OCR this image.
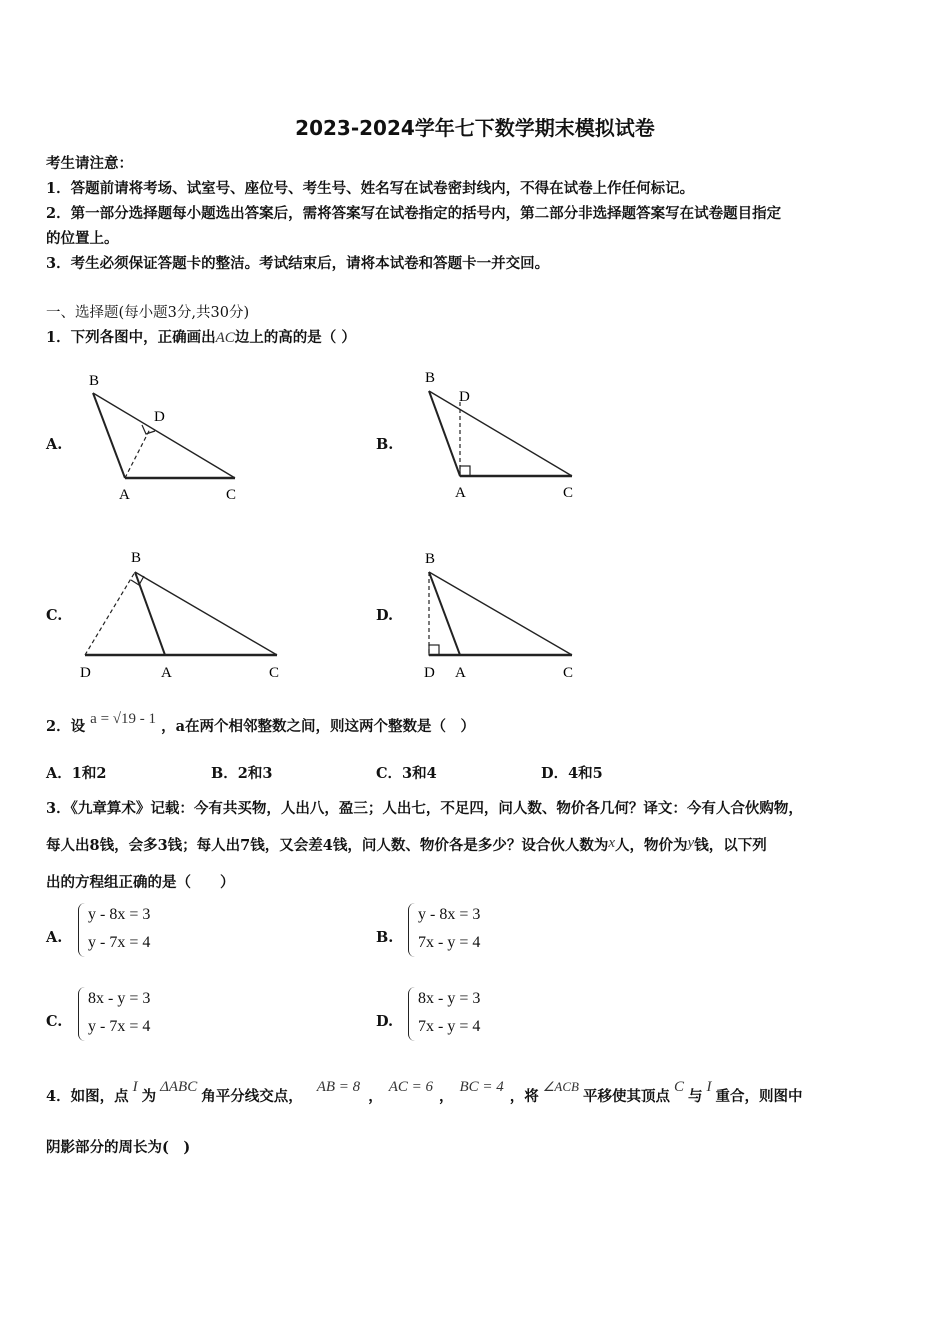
2023-2024学年七下数学期末模拟试卷
考生请注意：
1．答题前请将考场、试室号、座位号、考生号、姓名写在试卷密封线内，不得在试卷上作任何标记。
2．第一部分选择题每小题选出答案后，需将答案写在试卷指定的括号内，第二部分非选择题答案写在试卷题目指定
的位置上。
3．考生必须保证答题卡的整洁。考试结束后，请将本试卷和答题卡一并交回。
一、选择题(每小题3分,共30分)
1．下列各图中，正确画出AC边上的高的是（ ）
A.
B
D
A	C
B.
B
D
A	C
C.
B
D	A	C
D.
B
D A	C
2．设 a = √19 - 1 ，a在两个相邻整数之间，则这两个整数是（　）
A．1和2	B．2和3	C．3和4	D．4和5
3．《九章算术》记载：今有共买物，人出八，盈三；人出七，不足四，问人数、物价各几何？译文：今有人合伙购物，
每人出8钱，会多3钱；每人出7钱，又会差4钱，问人数、物价各是多少？设合伙人数为x人，物价为y钱，以下列
出的方程组正确的是（　　）
A.
y - 8x = 3
y - 7x = 4	B.
y - 8x = 3
7x - y = 4
C.
8x - y = 3
y - 7x = 4	D.
8x - y = 3
7x - y = 4
4．如图，点I为ΔABC角平分线交点，AB = 8，AC = 6，BC = 4，将∠ACB平移使其顶点C与I重合，则图中
阴影部分的周长为(　)
